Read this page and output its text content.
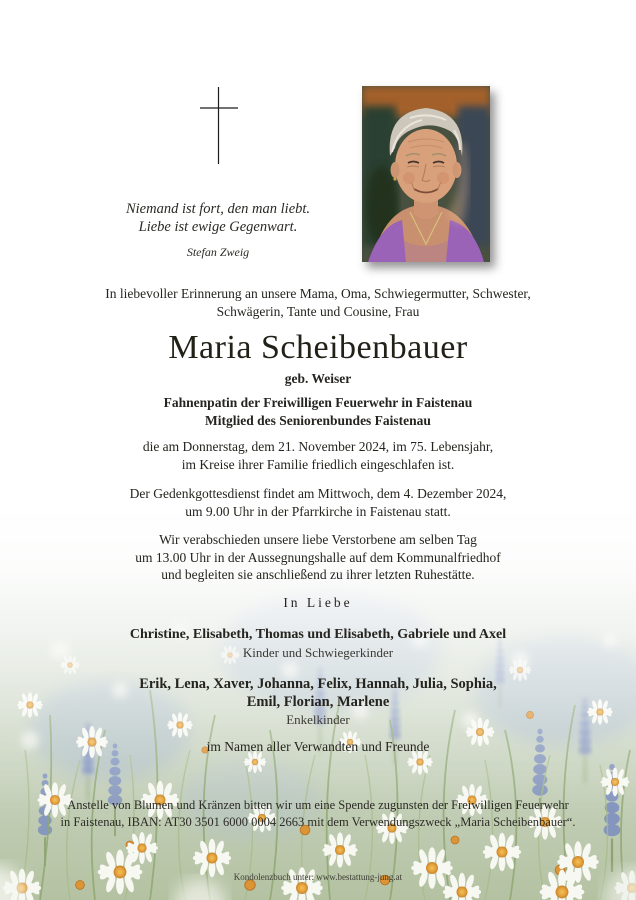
Niemand ist fort, den man liebt.

Liebe ist ewige Gegenwart.

Stefan Zweig

In liebevoller Erinnerung an unsere Mama, Oma, Schwiegermutter, Schwester,

Schwägerin, Tante und Cousine, Frau

Maria Scheibenbauer

geb. Weiser

Fahnenpatin der Freiwilligen Feuerwehr in Faistenau

Mitglied des Seniorenbundes Faistenau

die am Donnerstag, dem 21. November 2024, im 75. Lebensjahr,

im Kreise ihrer Familie friedlich eingeschlafen ist.

Der Gedenkgottesdienst findet am Mittwoch, dem 4. Dezember 2024,

um 9.00 Uhr in der Pfarrkirche in Faistenau statt.

Wir verabschieden unsere liebe Verstorbene am selben Tag

um 13.00 Uhr in der Aussegnungshalle auf dem Kommunalfriedhof

und begleiten sie anschließend zu ihrer letzten Ruhestätte.

In Liebe

Christine, Elisabeth, Thomas und Elisabeth, Gabriele und Axel

Kinder und Schwiegerkinder

Erik, Lena, Xaver, Johanna, Felix, Hannah, Julia, Sophia,

Emil, Florian, Marlene

Enkelkinder

im Namen aller Verwandten und Freunde

Anstelle von Blumen und Kränzen bitten wir um eine Spende zugunsten der Freiwilligen Feuerwehr

in Faistenau, IBAN: AT30 3501 6000 0004 2663 mit dem Verwendungszweck „Maria Scheibenbauer“.

Kondolenzbuch unter: www.bestattung-jung.at
